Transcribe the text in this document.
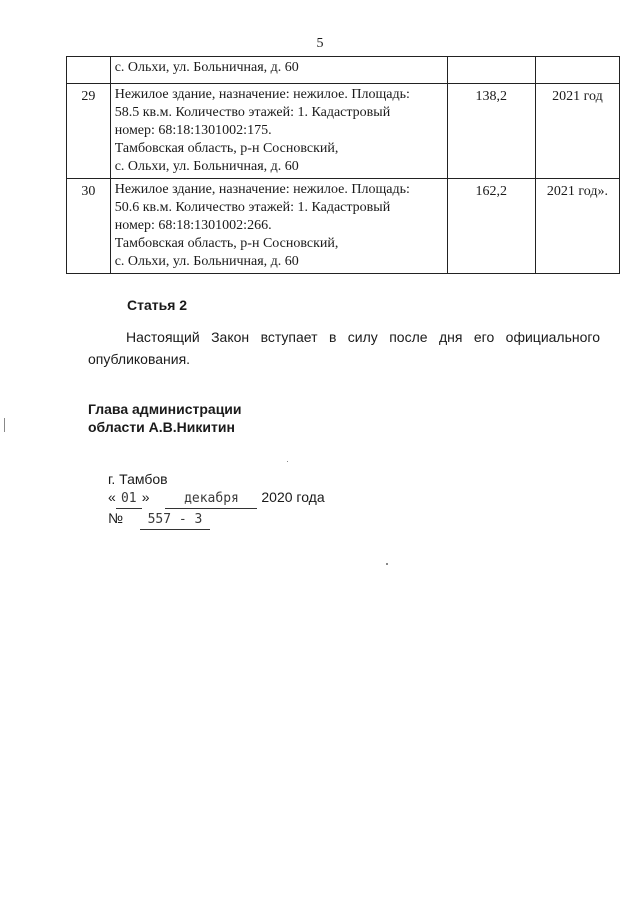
5

	с. Ольхи, ул. Больничная, д. 60		

29	Нежилое здание, назначение: нежилое. Площадь:
58.5 кв.м. Количество этажей: 1. Кадастровый
номер: 68:18:1301002:175.
Тамбовская область, р-н Сосновский,
с. Ольхи, ул. Больничная, д. 60	138,2	2021 год
30	Нежилое здание, назначение: нежилое. Площадь:
50.6 кв.м. Количество этажей: 1. Кадастровый
номер: 68:18:1301002:266.
Тамбовская область, р-н Сосновский,
с. Ольхи, ул. Больничная, д. 60	162,2	2021 год».
Статья 2
Настоящий Закон вступает в силу после дня его официального
опубликования.
Глава администрации
области А.В.Никитин
г. Тамбов
« 01 »	декабря 2020 года
№ 557 - З
